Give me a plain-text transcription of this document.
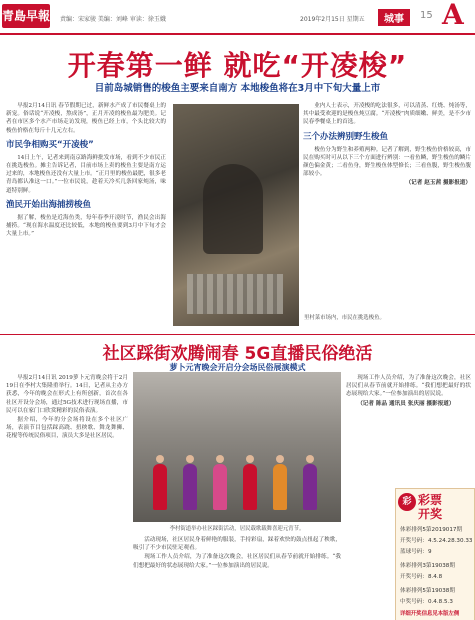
青島早報 责编：宋家骏 美编：刘峰 审读：徐玉娥	2019年2月15日 星期五	城事	15 A
开春第一鲜 就吃“开凌梭”
目前岛城销售的梭鱼主要来自南方 本地梭鱼将在3月中下旬大量上市

早报2月14日讯 春节假期已过，新鲜水产成了市民餐桌上的新宠。俗话说“开凌梭，熬成汤”，正月开凌的梭鱼最为肥美。记者在市区多个水产市场走访发现，梭鱼已经上市，个头比较大的梭鱼价格在每斤十几元左右。

市民争相购买“开凌梭”

14日上午，记者来到南京路海鲜批发市场，看到不少市民正在挑选梭鱼。摊主告诉记者，目前市场上卖的梭鱼主要是南方运过来的，本地梭鱼还没有大量上市。“正月里的梭鱼最肥，很多老青岛都认准这一口。”一位市民说，趁着天冷买几条回家炖汤，味道特别鲜。

渔民开始出海捕捞梭鱼

据了解，梭鱼是近海鱼类，每年春季开凌时节，渔民会出海捕捞。“现在海水温度还比较低，本地的梭鱼要到3月中下旬才会大量上市。”

业内人士表示，开凌梭的吃法很多，可以清蒸、红烧、炖汤等，其中最受欢迎的是梭鱼炖豆腐。“开凌梭”肉质细嫩、鲜美，是不少市民春季餐桌上的首选。

三个办法辨别野生梭鱼

梭鱼分为野生和养殖两种。记者了解到，野生梭鱼价格较高，市民在购买时可从以下三个方面进行辨别：一看鱼鳞，野生梭鱼的鳞片颜色偏金黄；二看鱼身，野生梭鱼体型修长；三看鱼腹，野生梭鱼腹部较小。

（记者 赵玉茜 摄影报道）

里村菜市场内，市民在挑选梭鱼。
社区踩街欢腾闹春 5G直播民俗绝活
萝卜元宵晚会开启分会场民俗展演模式

早报2月14日讯 2019萝卜元宵晚会将于2月19日在李村大集隆重举行。14日，记者从主办方获悉，今年的晚会在形式上有所创新，首次在各社区开设分会场，通过5G技术进行现场直播，市民可以在家门口欣赏精彩的民俗表演。

据介绍，今年的分会场将设在多个社区广场，表演节目包括踩高跷、扭秧歌、舞龙舞狮、花棍等传统民俗项目，演员大多是社区居民。

李村街道举办社区踩街活动，居民载歌载舞喜迎元宵节。

活动现场，社区居民身着鲜艳的服装，手持彩扇，踩着欢快的鼓点扭起了秧歌，吸引了不少市民驻足观看。

现场工作人员介绍，为了准备这次晚会，社区居民们从春节前就开始排练。“我们想把最好的状态展现给大家。”一位参加演出的居民说。

现场工作人员介绍，为了准备这次晚会，社区居民们从春节前就开始排练。“我们想把最好的状态展现给大家。”一位参加演出的居民说。

（记者 陈品 通讯员 张庆丽 摄影报道）

彩 彩票
开奖
体彩排列5第2019017期
开奖号码：4.5.24.28.30.33
蓝球号码：9
体彩排列3第19038期
开奖号码：8.4.8
体彩排列5第19038期
中奖号码：0.4.8.5.3
详细开奖信息见本版左侧
